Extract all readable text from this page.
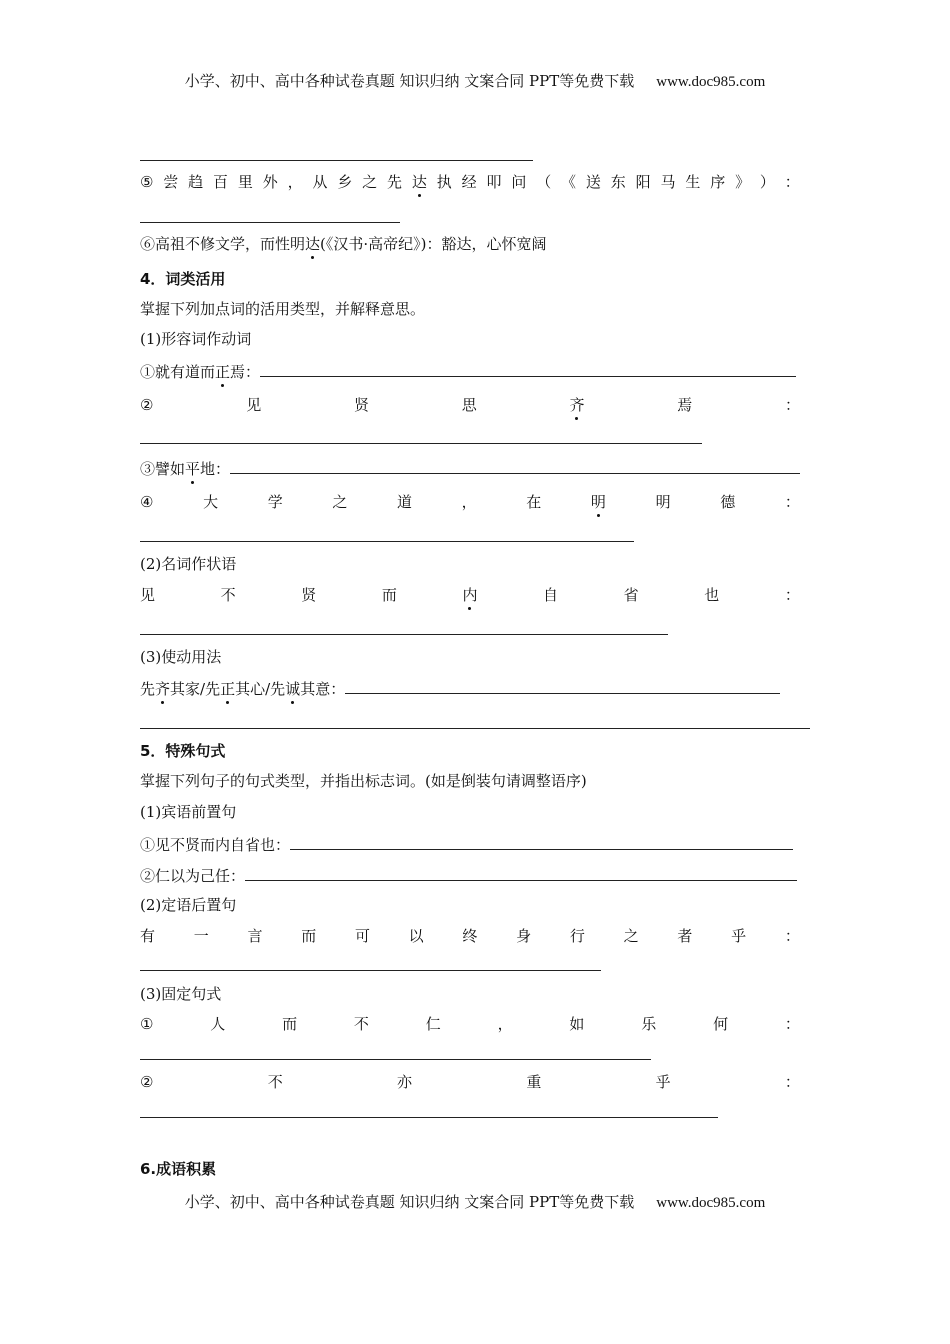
小学、初中、高中各种试卷真题 知识归纳 文案合同 PPT等免费下载 www.doc985.com
⑤ 尝 趋 百 里 外 ， 从 乡 之 先 达 执 经 叩 问 （ 《 送 东 阳 马 生 序 》 ） ：
⑥高祖不修文学，而性明达(《汉书·高帝纪》)：豁达，心怀宽阔
4．词类活用
掌握下列加点词的活用类型，并解释意思。
(1)形容词作动词
①就有道而正焉：
②	见	贤	思	齐	焉	：
③譬如平地：
④	大	学	之	道	，	在	明	明	德	：
(2)名词作状语
见	不	贤	而	内	自	省	也	：
(3)使动用法
先齐其家/先正其心/先诚其意：
5．特殊句式
掌握下列句子的句式类型，并指出标志词。(如是倒装句请调整语序)
(1)宾语前置句
①见不贤而内自省也：
②仁以为己任：
(2)定语后置句
有	一	言	而	可	以	终	身	行	之	者	乎	：
(3)固定句式
①	人	而	不	仁	，	如	乐	何	：
②	不	亦	重	乎	：
6.成语积累
小学、初中、高中各种试卷真题 知识归纳 文案合同 PPT等免费下载 www.doc985.com
